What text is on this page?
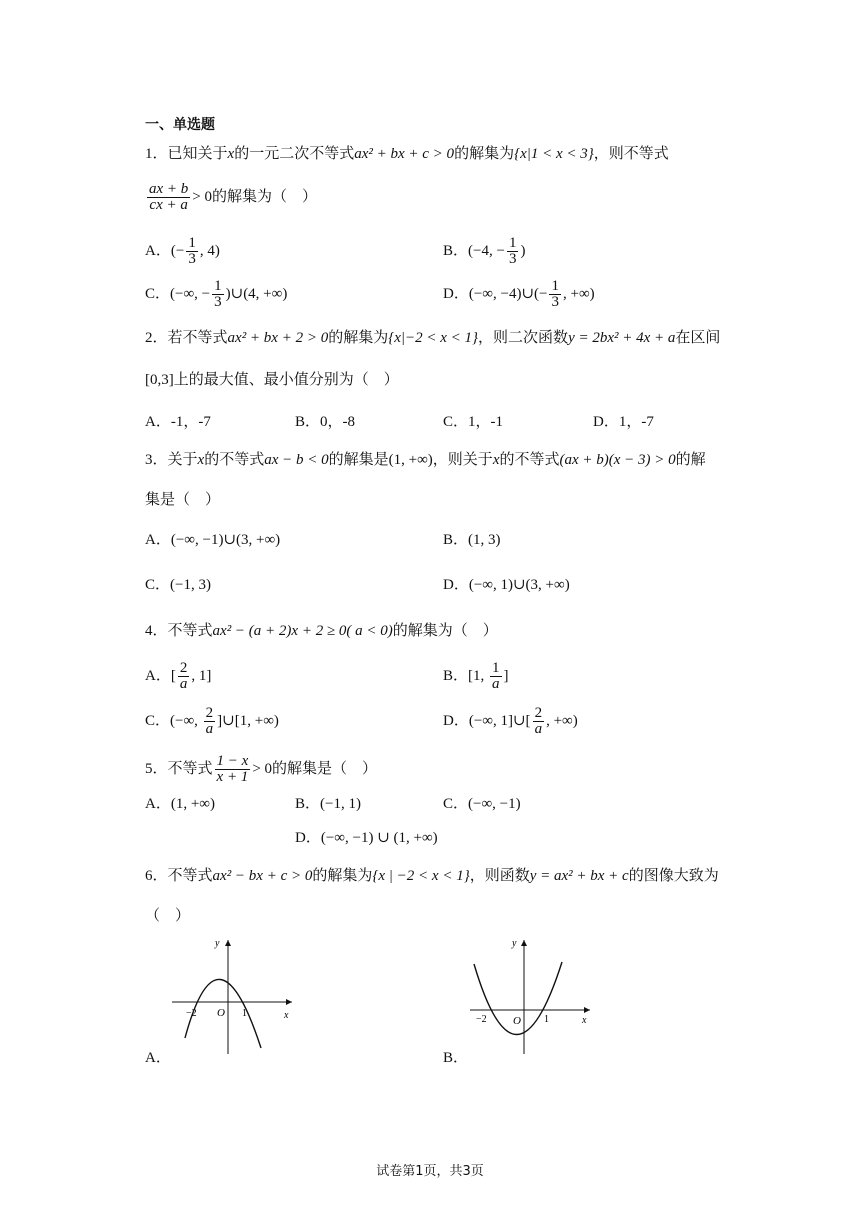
一、单选题
1．已知关于x的一元二次不等式ax² + bx + c > 0的解集为{x|1 < x < 3}，则不等式
$\frac{ax + b}{cx + a} > 0$的解集为（　）
A．(− $\frac{1}{3}$ , 4)	B．(−4, − $\frac{1}{3}$ )
C．(−∞, − $\frac{1}{3}$ )∪(4, +∞)	D．(−∞, −4)∪(− $\frac{1}{3}$ , +∞)
2．若不等式ax² + bx + 2 > 0的解集为{x|−2 < x < 1}，则二次函数y = 2bx² + 4x + a在区间
[0,3]上的最大值、最小值分别为（　）
A．-1，-7	B．0，-8	C．1，-1	D．1，-7
3．关于x的不等式ax − b < 0的解集是(1, +∞)，则关于x的不等式(ax + b)(x − 3) > 0的解
集是（　）
A．(−∞, −1)∪(3, +∞)	B．(1, 3)
C．(−1, 3)	D．(−∞, 1)∪(3, +∞)
4．不等式ax² − (a + 2)x + 2 ≥ 0( a < 0)的解集为（　）
A．[ $\frac{2}{a}$ , 1]	B．[1, $\frac{1}{a}$ ]
C．(−∞, $\frac{2}{a}$ ]∪[1, +∞)	D．(−∞, 1]∪[ $\frac{2}{a}$ , +∞)
5．不等式 $\frac{1 - x}{x + 1} > 0$的解集是（　）
A．(1, +∞)	B．(−1, 1)	C．(−∞, −1)
D．(−∞, −1) ∪ (1, +∞)
6．不等式ax² − bx + c > 0的解集为{x | −2 < x < 1}，则函数y = ax² + bx + c的图像大致为
（　）
y
x
O
−2	1
A．
y
x
O
−2	1
B．
试卷第1页，共3页
